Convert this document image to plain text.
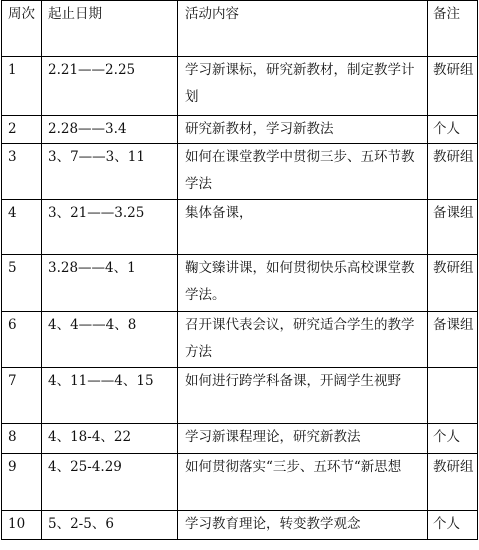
周次	起止日期	活动内容	备注
1	2.21——2.25	学习新课标，研究新教材，制定教学计划	教研组
2	2.28——3.4	研究新教材，学习新教法	个人
3	3、7——3、11	如何在课堂教学中贯彻三步、五环节教学法	教研组
4	3、21——3.25	集体备课，	备课组
5	3.28——4、1	鞠文臻讲课，如何贯彻快乐高校课堂教学法。	教研组
6	4、4——4、8	召开课代表会议，研究适合学生的教学方法	备课组
7	4、11——4、15	如何进行跨学科备课，开阔学生视野	
8	4、18-4、22	学习新课程理论，研究新教法	个人
9	4、25-4.29	如何贯彻落实“三步、五环节“新思想	教研组
10	5、2-5、6	学习教育理论，转变教学观念	个人
